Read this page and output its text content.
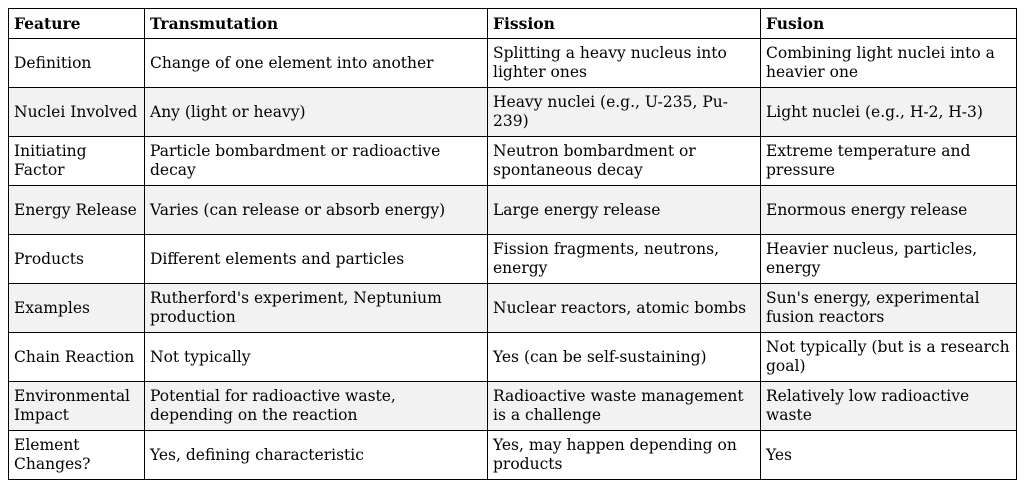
Feature	Transmutation	Fission	Fusion
Definition	Change of one element into another	Splitting a heavy nucleus into lighter ones	Combining light nuclei into a heavier one
Nuclei Involved	Any (light or heavy)	Heavy nuclei (e.g., U-235, Pu-239)	Light nuclei (e.g., H-2, H-3)
Initiating Factor	Particle bombardment or radioactive decay	Neutron bombardment or spontaneous decay	Extreme temperature and pressure
Energy Release	Varies (can release or absorb energy)	Large energy release	Enormous energy release
Products	Different elements and particles	Fission fragments, neutrons, energy	Heavier nucleus, particles, energy
Examples	Rutherford's experiment, Neptunium production	Nuclear reactors, atomic bombs	Sun's energy, experimental fusion reactors
Chain Reaction	Not typically	Yes (can be self-sustaining)	Not typically (but is a research goal)
Environmental Impact	Potential for radioactive waste, depending on the reaction	Radioactive waste management is a challenge	Relatively low radioactive waste
Element Changes?	Yes, defining characteristic	Yes, may happen depending on products	Yes
